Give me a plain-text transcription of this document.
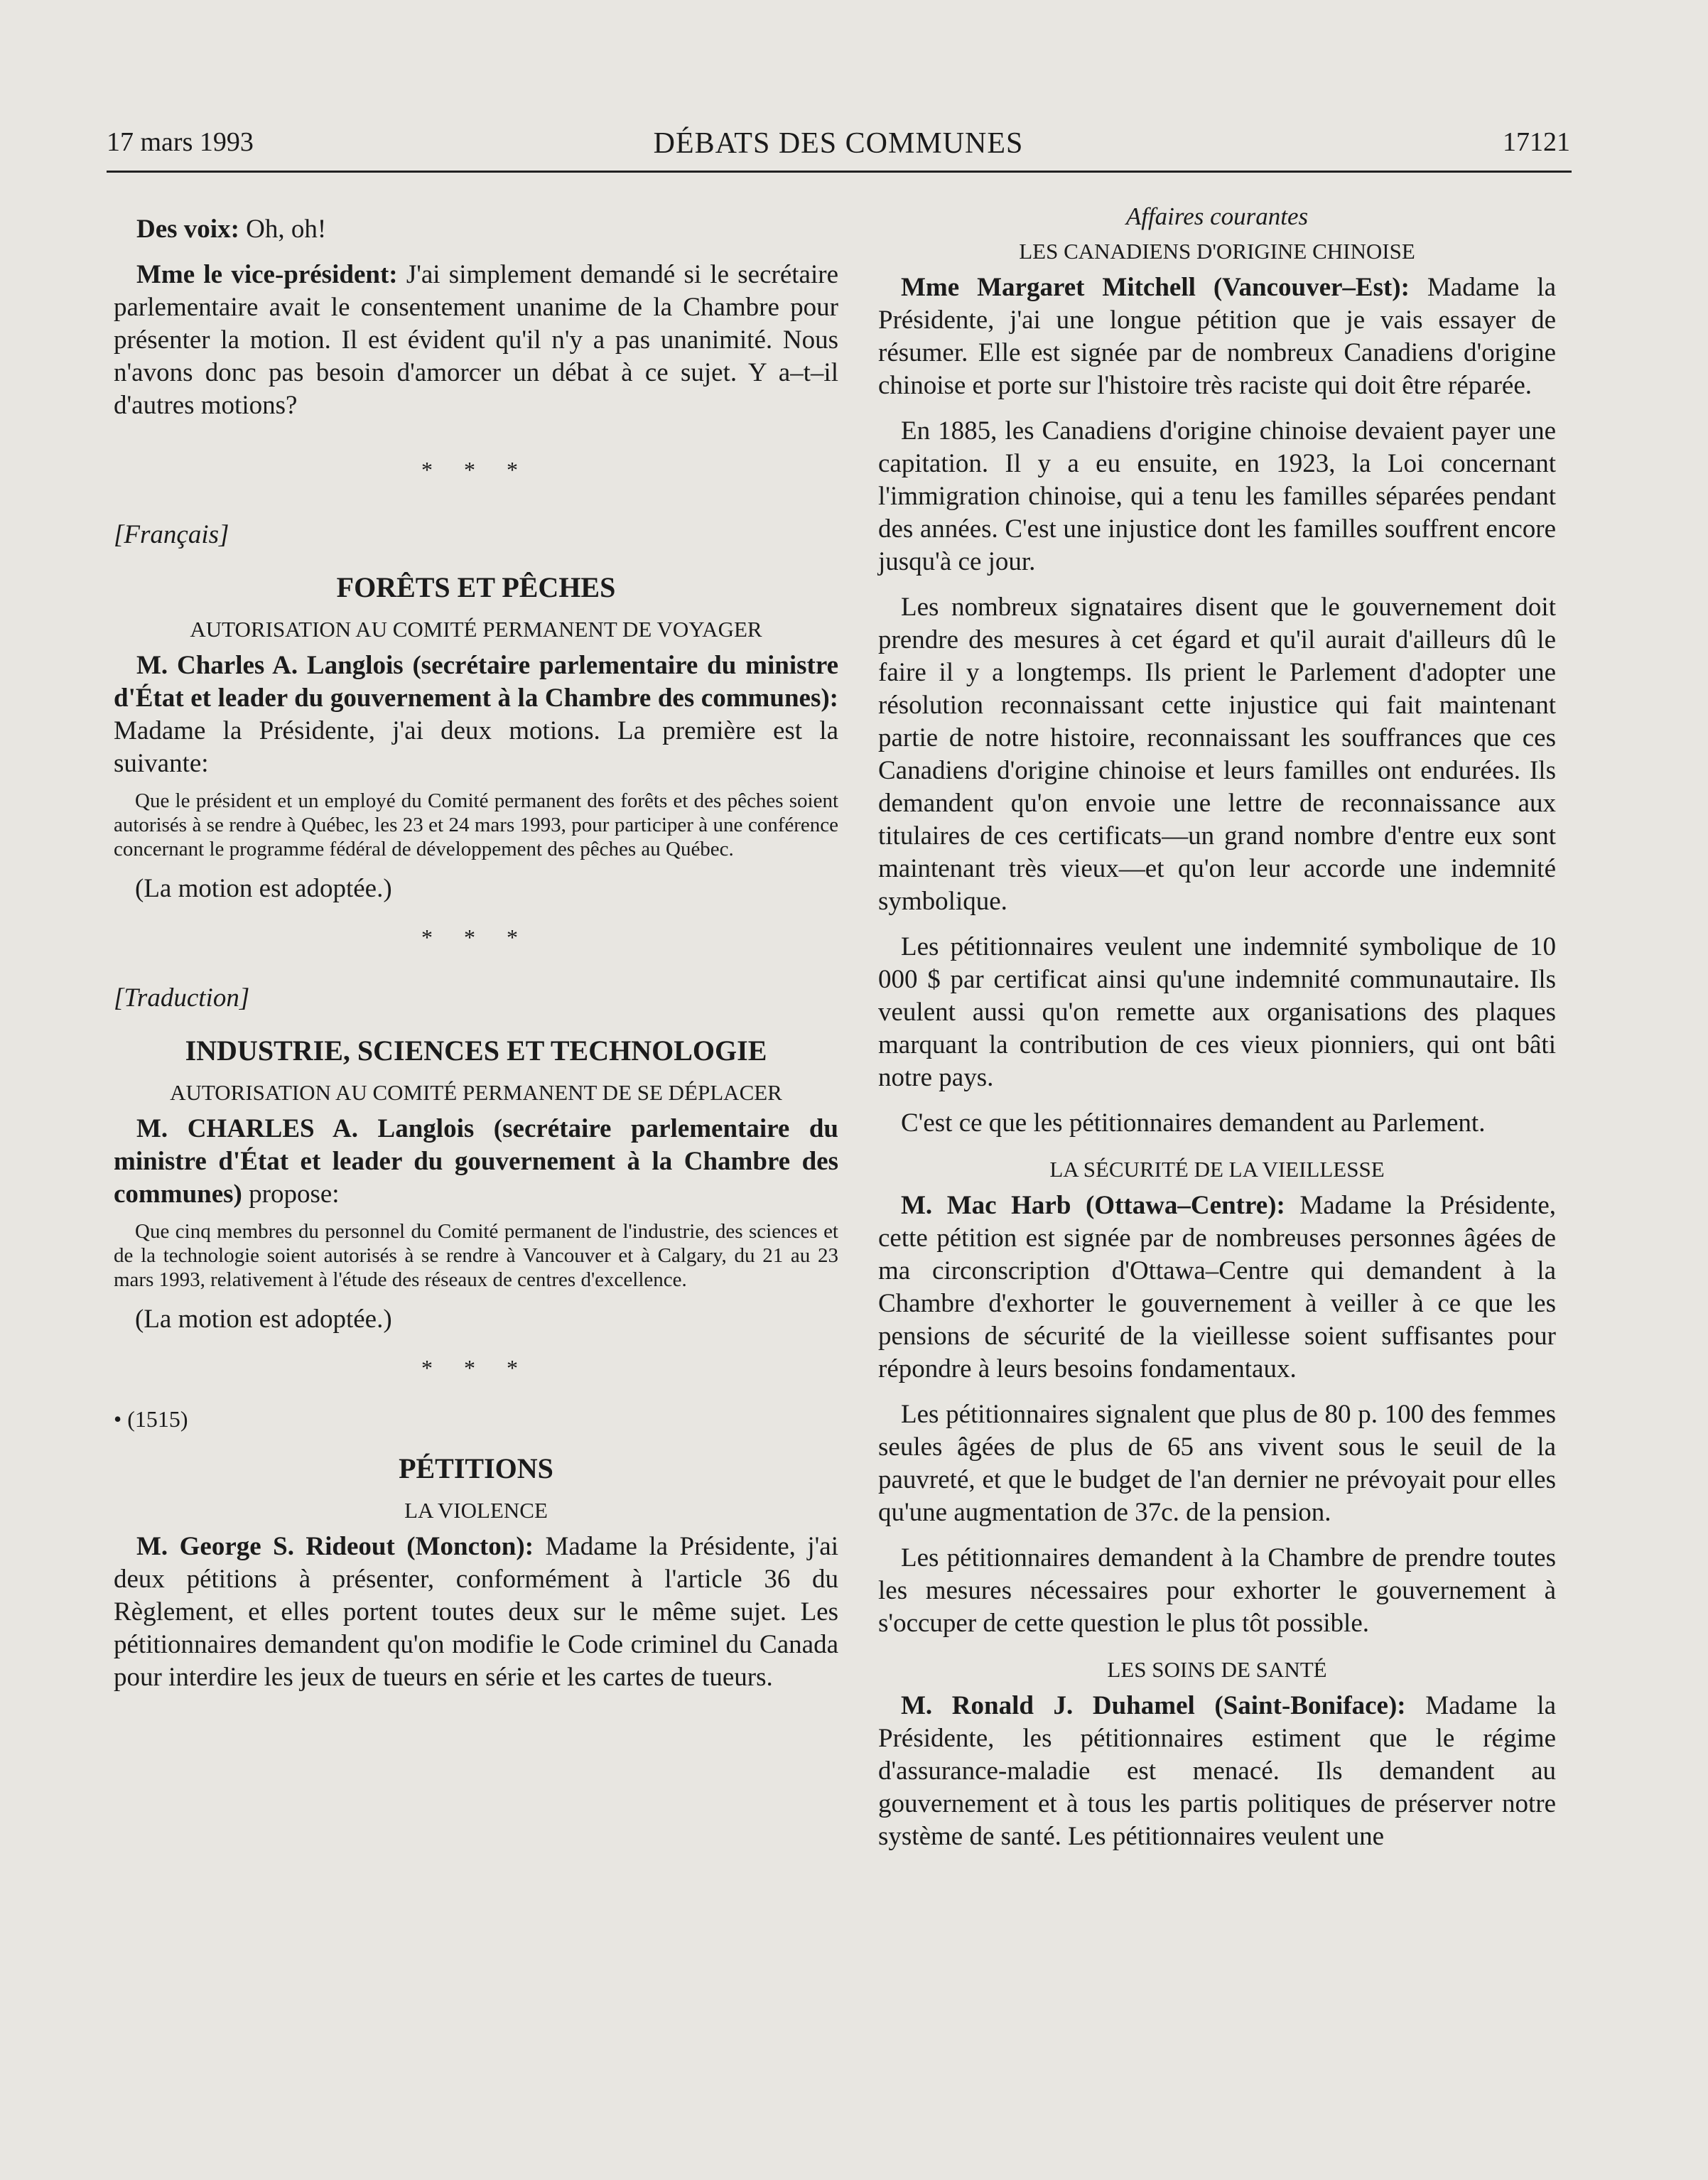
17 mars 1993	DÉBATS DES COMMUNES	17121

Des voix: Oh, oh!

Mme le vice-président: J'ai simplement demandé si le secrétaire parlementaire avait le consentement unanime de la Chambre pour présenter la motion. Il est évident qu'il n'y a pas unanimité. Nous n'avons donc pas besoin d'amorcer un débat à ce sujet. Y a–t–il d'autres motions?

* * *

[Français]

FORÊTS ET PÊCHES
AUTORISATION AU COMITÉ PERMANENT DE VOYAGER

M. Charles A. Langlois (secrétaire parlementaire du ministre d'État et leader du gouvernement à la Chambre des communes): Madame la Présidente, j'ai deux motions. La première est la suivante:

Que le président et un employé du Comité permanent des forêts et des pêches soient autorisés à se rendre à Québec, les 23 et 24 mars 1993, pour participer à une conférence concernant le programme fédéral de développement des pêches au Québec.

(La motion est adoptée.)

* * *

[Traduction]

INDUSTRIE, SCIENCES ET TECHNOLOGIE
AUTORISATION AU COMITÉ PERMANENT DE SE DÉPLACER

M. CHARLES A. Langlois (secrétaire parlementaire du ministre d'État et leader du gouvernement à la Chambre des communes) propose:

Que cinq membres du personnel du Comité permanent de l'industrie, des sciences et de la technologie soient autorisés à se rendre à Vancouver et à Calgary, du 21 au 23 mars 1993, relativement à l'étude des réseaux de centres d'excellence.

(La motion est adoptée.)

* * *

• (1515)

PÉTITIONS
LA VIOLENCE

M. George S. Rideout (Moncton): Madame la Présidente, j'ai deux pétitions à présenter, conformément à l'article 36 du Règlement, et elles portent toutes deux sur le même sujet. Les pétitionnaires demandent qu'on modifie le Code criminel du Canada pour interdire les jeux de tueurs en série et les cartes de tueurs.

Affaires courantes
LES CANADIENS D'ORIGINE CHINOISE

Mme Margaret Mitchell (Vancouver–Est): Madame la Présidente, j'ai une longue pétition que je vais essayer de résumer. Elle est signée par de nombreux Canadiens d'origine chinoise et porte sur l'histoire très raciste qui doit être réparée.

En 1885, les Canadiens d'origine chinoise devaient payer une capitation. Il y a eu ensuite, en 1923, la Loi concernant l'immigration chinoise, qui a tenu les familles séparées pendant des années. C'est une injustice dont les familles souffrent encore jusqu'à ce jour.

Les nombreux signataires disent que le gouvernement doit prendre des mesures à cet égard et qu'il aurait d'ailleurs dû le faire il y a longtemps. Ils prient le Parlement d'adopter une résolution reconnaissant cette injustice qui fait maintenant partie de notre histoire, reconnaissant les souffrances que ces Canadiens d'origine chinoise et leurs familles ont endurées. Ils demandent qu'on envoie une lettre de reconnaissance aux titulaires de ces certificats—un grand nombre d'entre eux sont maintenant très vieux—et qu'on leur accorde une indemnité symbolique.

Les pétitionnaires veulent une indemnité symbolique de 10 000 $ par certificat ainsi qu'une indemnité communautaire. Ils veulent aussi qu'on remette aux organisations des plaques marquant la contribution de ces vieux pionniers, qui ont bâti notre pays.

C'est ce que les pétitionnaires demandent au Parlement.

LA SÉCURITÉ DE LA VIEILLESSE

M. Mac Harb (Ottawa–Centre): Madame la Présidente, cette pétition est signée par de nombreuses personnes âgées de ma circonscription d'Ottawa–Centre qui demandent à la Chambre d'exhorter le gouvernement à veiller à ce que les pensions de sécurité de la vieillesse soient suffisantes pour répondre à leurs besoins fondamentaux.

Les pétitionnaires signalent que plus de 80 p. 100 des femmes seules âgées de plus de 65 ans vivent sous le seuil de la pauvreté, et que le budget de l'an dernier ne prévoyait pour elles qu'une augmentation de 37c. de la pension.

Les pétitionnaires demandent à la Chambre de prendre toutes les mesures nécessaires pour exhorter le gouvernement à s'occuper de cette question le plus tôt possible.

LES SOINS DE SANTÉ

M. Ronald J. Duhamel (Saint-Boniface): Madame la Présidente, les pétitionnaires estiment que le régime d'assurance-maladie est menacé. Ils demandent au gouvernement et à tous les partis politiques de préserver notre système de santé. Les pétitionnaires veulent une
